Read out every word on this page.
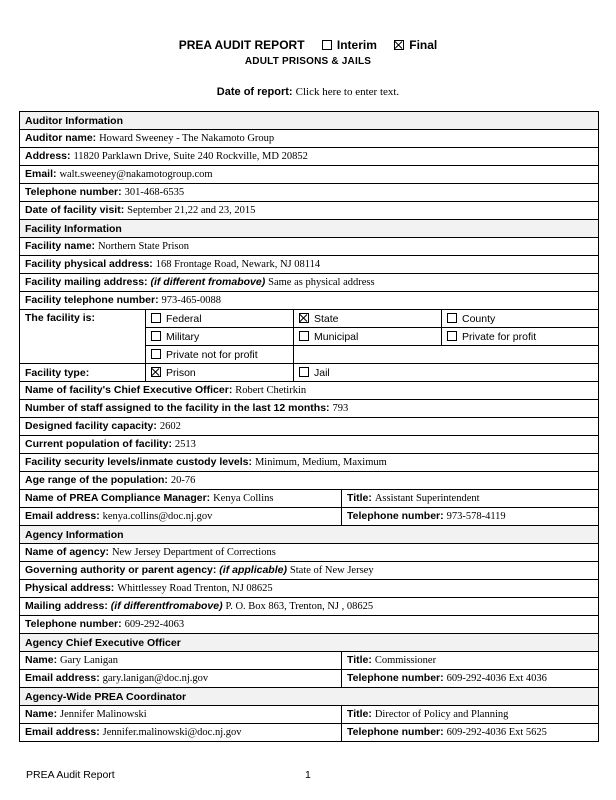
PREA AUDIT REPORT	Interim	Final
ADULT PRISONS & JAILS
Date of report: Click here to enter text.
Auditor Information				
Auditor name: Howard Sweeney - The Nakamoto Group				
Address: 11820 Parklawn Drive, Suite 240 Rockville, MD 20852				
Email: walt.sweeney@nakamotogroup.com				
Telephone number: 301-468-6535				
Date of facility visit: September 21,22 and 23, 2015				
Facility Information				
Facility name: Northern State Prison				
Facility physical address: 168 Frontage Road, Newark, NJ 08114				
Facility mailing address: (if different fromabove) Same as physical address				
Facility telephone number: 973-465-0088				
The facility is:	Federal	State		County
	Military	Municipal		Private for profit
	Private not for profit			
Facility type:	Prison	Jail		
Name of facility's Chief Executive Officer: Robert Chetirkin				
Number of staff assigned to the facility in the last 12 months: 793				
Designed facility capacity: 2602				
Current population of facility: 2513				
Facility security levels/inmate custody levels: Minimum, Medium, Maximum				
Age range of the population: 20-76				
Name of PREA Compliance Manager: Kenya Collins			Title: Assistant Superintendent	
Email address: kenya.collins@doc.nj.gov			Telephone number: 973-578-4119	
Agency Information				
Name of agency: New Jersey Department of Corrections				
Governing authority or parent agency: (if applicable) State of New Jersey				
Physical address: Whittlessey Road Trenton, NJ 08625				
Mailing address: (if differentfromabove) P. O. Box 863, Trenton, NJ , 08625				
Telephone number: 609-292-4063				
Agency Chief Executive Officer				
Name: Gary Lanigan			Title: Commissioner	
Email address: gary.lanigan@doc.nj.gov			Telephone number: 609-292-4036 Ext 4036	
Agency-Wide PREA Coordinator				
Name: Jennifer Malinowski			Title: Director of Policy and Planning	
Email address: Jennifer.malinowski@doc.nj.gov			Telephone number: 609-292-4036 Ext 5625	
PREA Audit Report	1
